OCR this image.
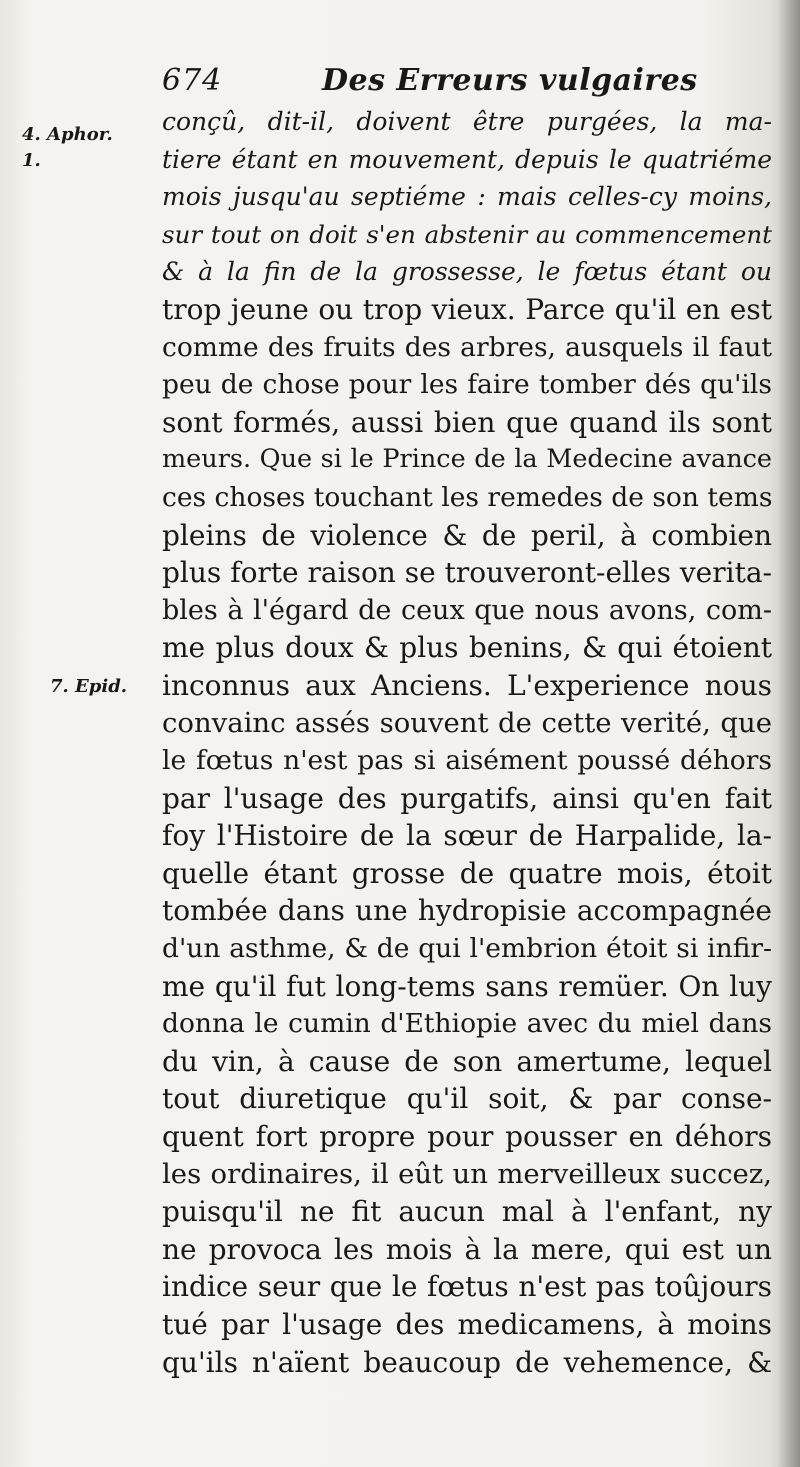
674	Des Erreurs vulgaires
4. Aphor.
1.
7. Epid.
conçû, dit-il, doivent être purgées, la ma-
tiere étant en mouvement, depuis le quatriéme
mois jusqu'au septiéme : mais celles-cy moins,
sur tout on doit s'en abstenir au commencement
& à la fin de la grossesse, le fœtus étant ou
trop jeune ou trop vieux. Parce qu'il en est
comme des fruits des arbres, ausquels il faut
peu de chose pour les faire tomber dés qu'ils
sont formés, aussi bien que quand ils sont
meurs. Que si le Prince de la Medecine avance
ces choses touchant les remedes de son tems
pleins de violence & de peril, à combien
plus forte raison se trouveront-elles verita-
bles à l'égard de ceux que nous avons, com-
me plus doux & plus benins, & qui étoient
inconnus aux Anciens. L'experience nous
convainc assés souvent de cette verité, que
le fœtus n'est pas si aisément poussé déhors
par l'usage des purgatifs, ainsi qu'en fait
foy l'Histoire de la sœur de Harpalide, la-
quelle étant grosse de quatre mois, étoit
tombée dans une hydropisie accompagnée
d'un asthme, & de qui l'embrion étoit si infir-
me qu'il fut long-tems sans remüer. On luy
donna le cumin d'Ethiopie avec du miel dans
du vin, à cause de son amertume, lequel
tout diuretique qu'il soit, & par conse-
quent fort propre pour pousser en déhors
les ordinaires, il eût un merveilleux succez,
puisqu'il ne fit aucun mal à l'enfant, ny
ne provoca les mois à la mere, qui est un
indice seur que le fœtus n'est pas toûjours
tué par l'usage des medicamens, à moins
qu'ils n'aïent beaucoup de vehemence, &
